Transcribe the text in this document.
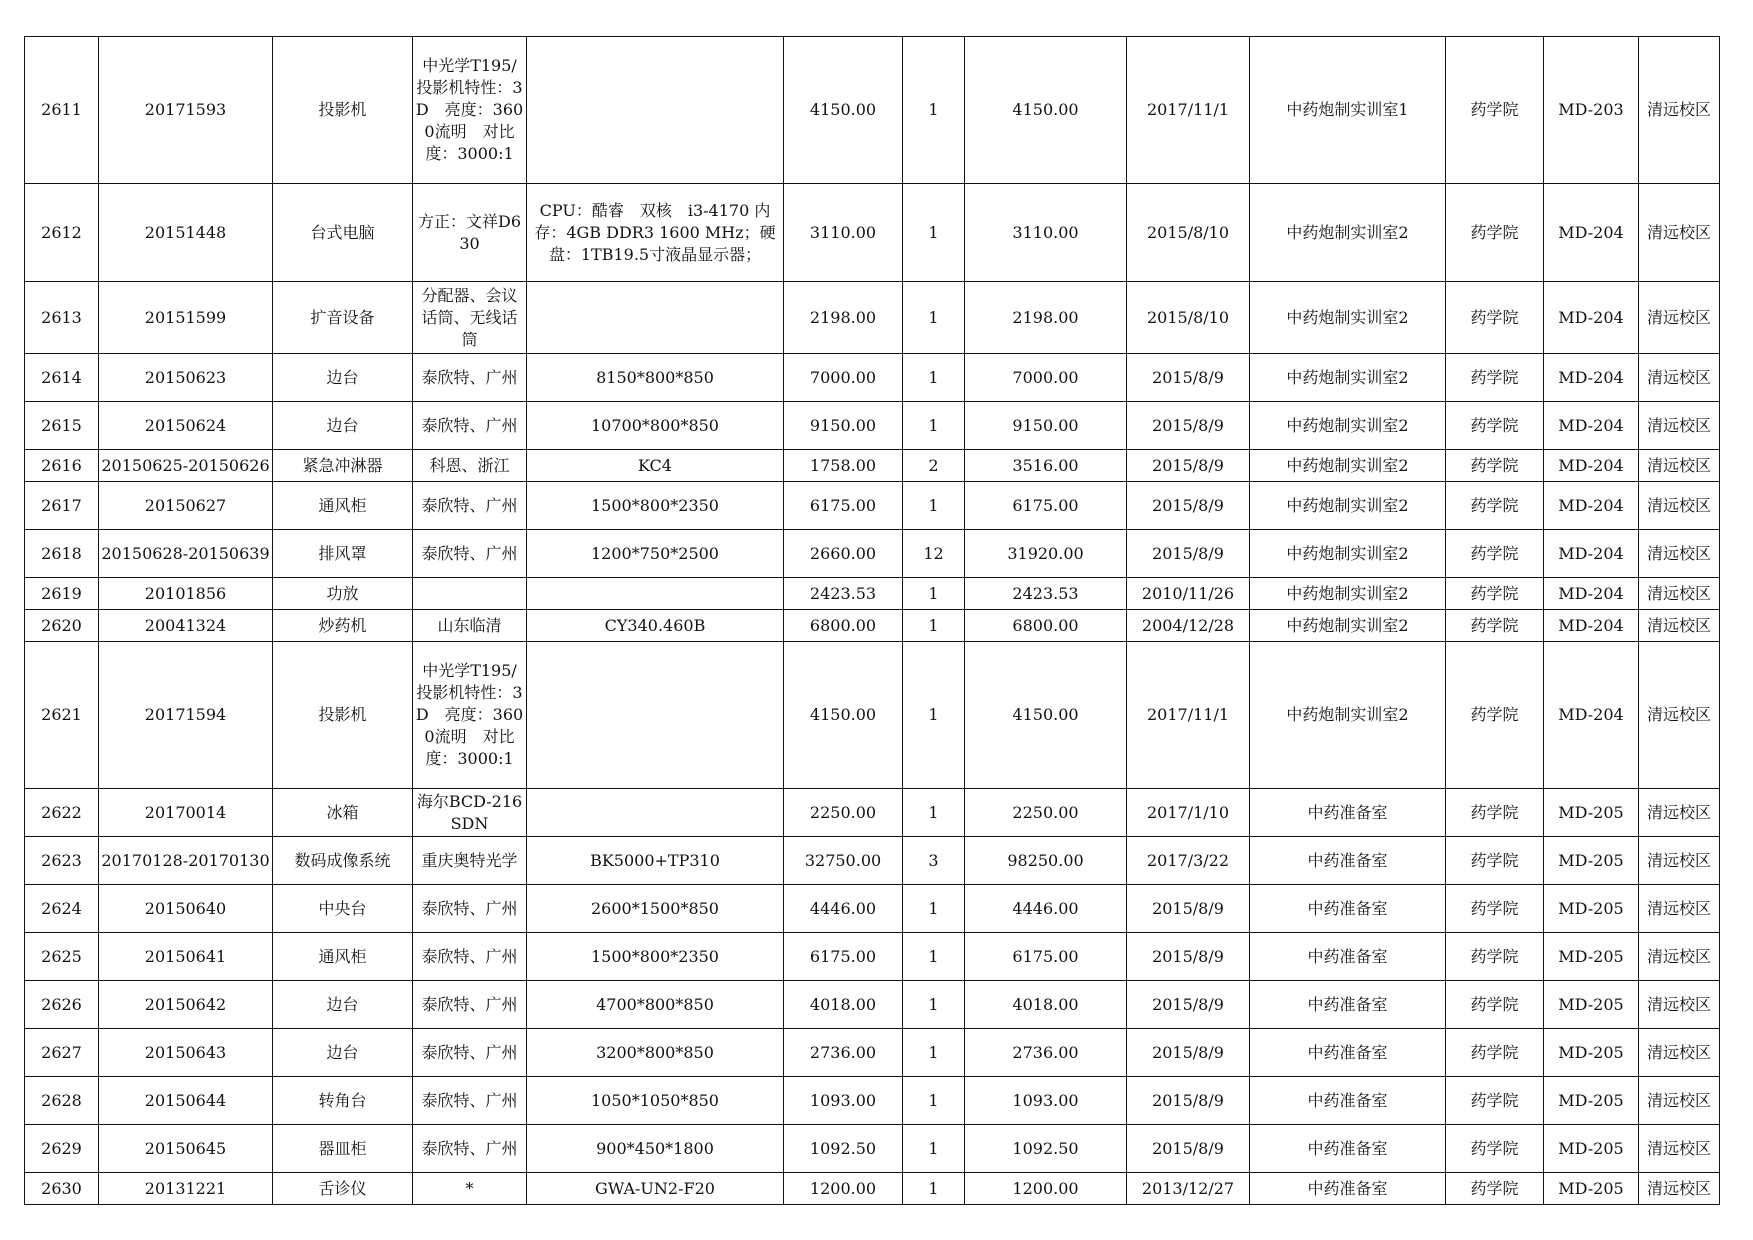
2611	20171593	投影机	中光学T195/投影机特性：3D　亮度：3600流明　对比度：3000:1		4150.00	1	4150.00	2017/11/1	中药炮制实训室1	药学院	MD-203	清远校区
2612	20151448	台式电脑	方正：文祥D630	CPU：酷睿　双核　i3-4170 内存：4GB DDR3 1600 MHz；硬盘：1TB19.5寸液晶显示器；	3110.00	1	3110.00	2015/8/10	中药炮制实训室2	药学院	MD-204	清远校区
2613	20151599	扩音设备	分配器、会议话筒、无线话筒		2198.00	1	2198.00	2015/8/10	中药炮制实训室2	药学院	MD-204	清远校区
2614	20150623	边台	泰欣特、广州	8150*800*850	7000.00	1	7000.00	2015/8/9	中药炮制实训室2	药学院	MD-204	清远校区
2615	20150624	边台	泰欣特、广州	10700*800*850	9150.00	1	9150.00	2015/8/9	中药炮制实训室2	药学院	MD-204	清远校区
2616	20150625-20150626	紧急冲淋器	科恩、浙江	KC4	1758.00	2	3516.00	2015/8/9	中药炮制实训室2	药学院	MD-204	清远校区
2617	20150627	通风柜	泰欣特、广州	1500*800*2350	6175.00	1	6175.00	2015/8/9	中药炮制实训室2	药学院	MD-204	清远校区
2618	20150628-20150639	排风罩	泰欣特、广州	1200*750*2500	2660.00	12	31920.00	2015/8/9	中药炮制实训室2	药学院	MD-204	清远校区
2619	20101856	功放			2423.53	1	2423.53	2010/11/26	中药炮制实训室2	药学院	MD-204	清远校区
2620	20041324	炒药机	山东临清	CY340.460B	6800.00	1	6800.00	2004/12/28	中药炮制实训室2	药学院	MD-204	清远校区
2621	20171594	投影机	中光学T195/投影机特性：3D　亮度：3600流明　对比度：3000:1		4150.00	1	4150.00	2017/11/1	中药炮制实训室2	药学院	MD-204	清远校区
2622	20170014	冰箱	海尔BCD-216SDN		2250.00	1	2250.00	2017/1/10	中药准备室	药学院	MD-205	清远校区
2623	20170128-20170130	数码成像系统	重庆奥特光学	BK5000+TP310	32750.00	3	98250.00	2017/3/22	中药准备室	药学院	MD-205	清远校区
2624	20150640	中央台	泰欣特、广州	2600*1500*850	4446.00	1	4446.00	2015/8/9	中药准备室	药学院	MD-205	清远校区
2625	20150641	通风柜	泰欣特、广州	1500*800*2350	6175.00	1	6175.00	2015/8/9	中药准备室	药学院	MD-205	清远校区
2626	20150642	边台	泰欣特、广州	4700*800*850	4018.00	1	4018.00	2015/8/9	中药准备室	药学院	MD-205	清远校区
2627	20150643	边台	泰欣特、广州	3200*800*850	2736.00	1	2736.00	2015/8/9	中药准备室	药学院	MD-205	清远校区
2628	20150644	转角台	泰欣特、广州	1050*1050*850	1093.00	1	1093.00	2015/8/9	中药准备室	药学院	MD-205	清远校区
2629	20150645	器皿柜	泰欣特、广州	900*450*1800	1092.50	1	1092.50	2015/8/9	中药准备室	药学院	MD-205	清远校区
2630	20131221	舌诊仪	*	GWA-UN2-F20	1200.00	1	1200.00	2013/12/27	中药准备室	药学院	MD-205	清远校区
